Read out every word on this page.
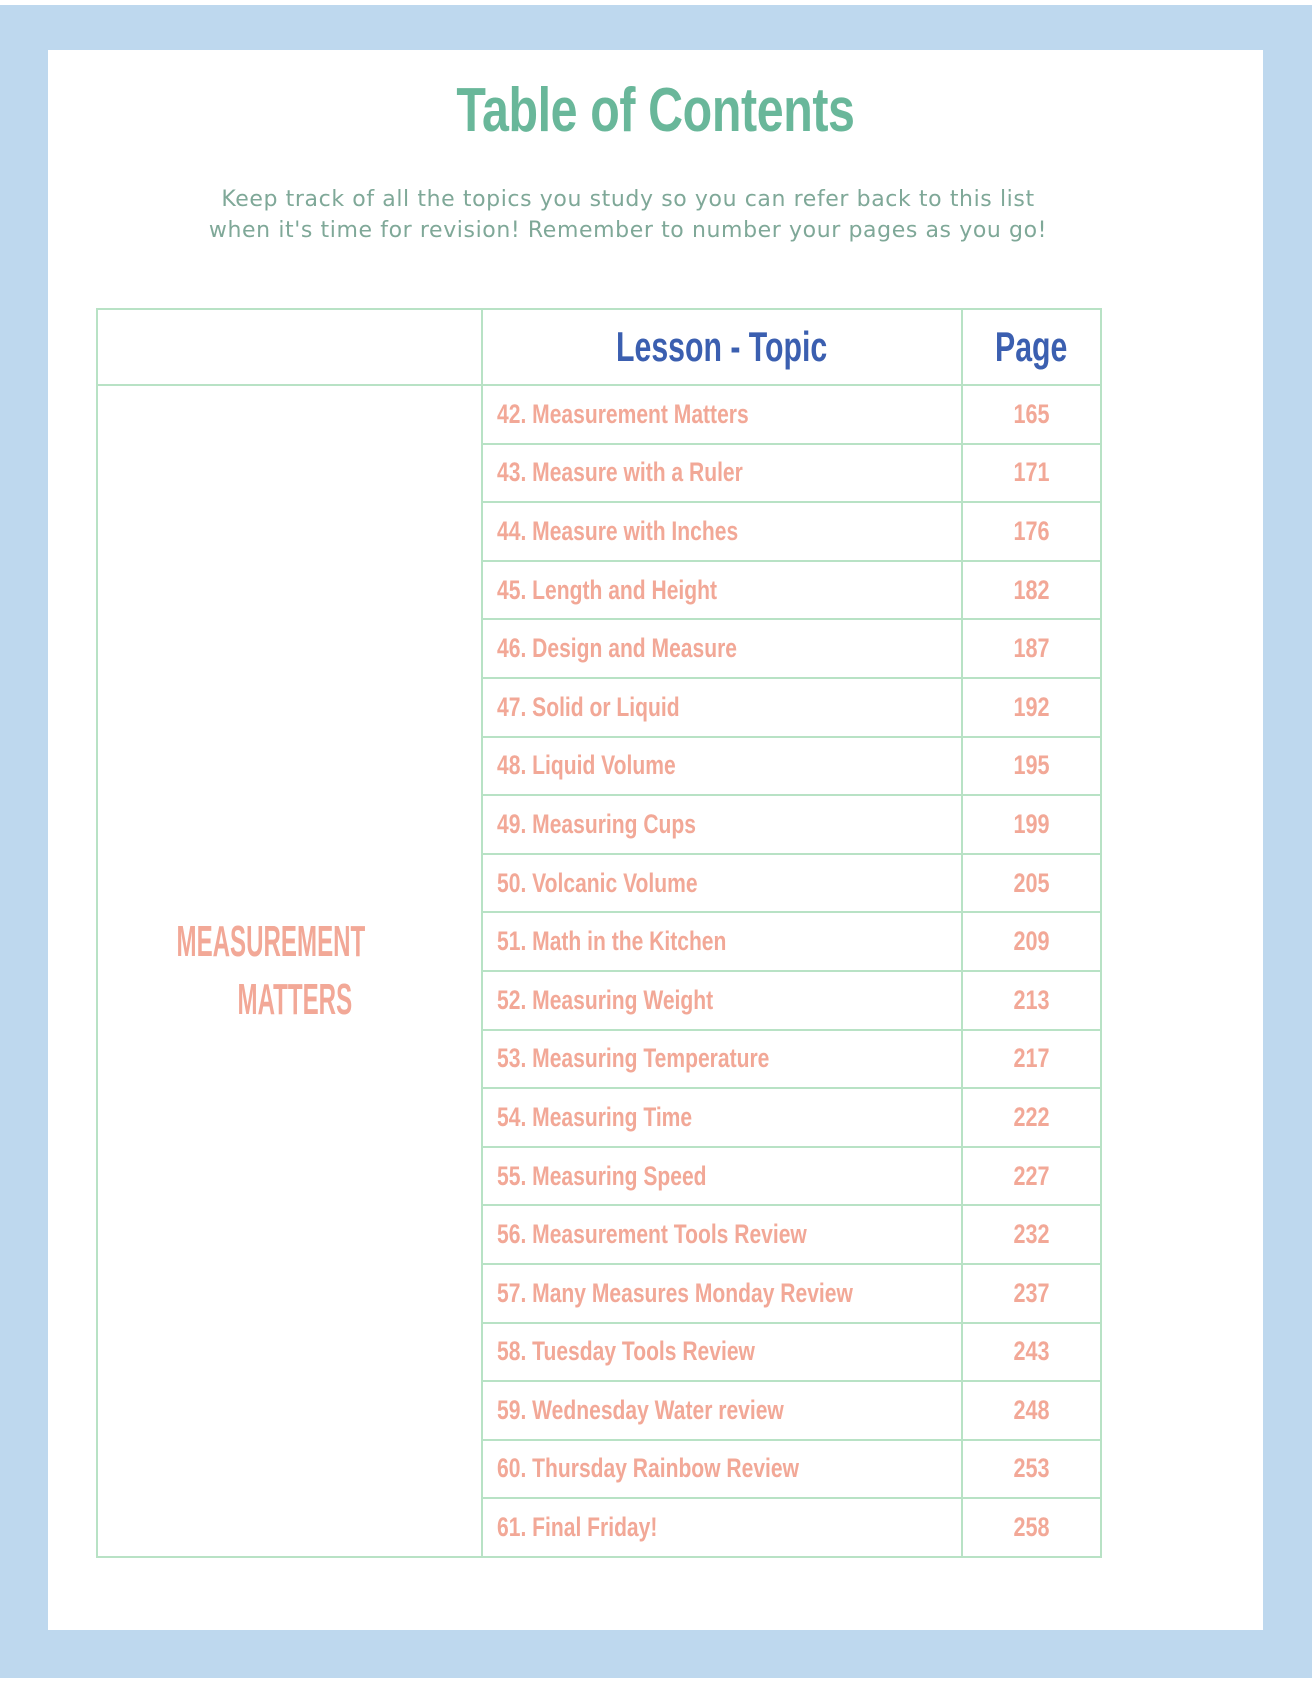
Table of Contents

Keep track of all the topics you study so you can refer back to this list
when it's time for revision! Remember to number your pages as you go!

	Lesson - Topic	Page
MEASUREMENTMATTERS	42. Measurement Matters	165
	43. Measure with a Ruler	171
	44. Measure with Inches	176
	45. Length and Height	182
	46. Design and Measure	187
	47. Solid or Liquid	192
	48. Liquid Volume	195
	49. Measuring Cups	199
	50. Volcanic Volume	205
	51. Math in the Kitchen	209
	52. Measuring Weight	213
	53. Measuring Temperature	217
	54. Measuring Time	222
	55. Measuring Speed	227
	56. Measurement Tools Review	232
	57. Many Measures Monday Review	237
	58. Tuesday Tools Review	243
	59. Wednesday Water review	248
	60. Thursday Rainbow Review	253
	61. Final Friday!	258
